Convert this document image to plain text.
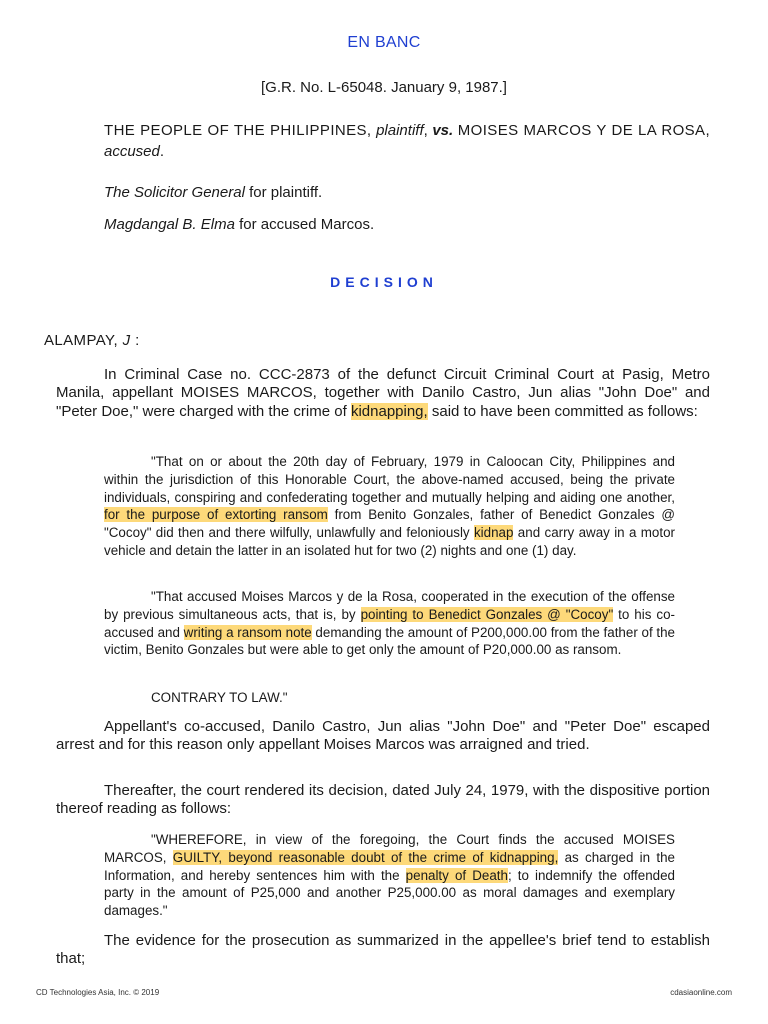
EN BANC
[G.R. No. L-65048. January 9, 1987.]
THE PEOPLE OF THE PHILIPPINES, plaintiff, vs. MOISES MARCOS Y DE LA ROSA, accused.
The Solicitor General for plaintiff.
Magdangal B. Elma for accused Marcos.
DECISION
ALAMPAY, J :

In Criminal Case no. CCC-2873 of the defunct Circuit Criminal Court at Pasig, Metro Manila, appellant MOISES MARCOS, together with Danilo Castro, Jun alias "John Doe" and "Peter Doe," were charged with the crime of kidnapping, said to have been committed as follows:

"That on or about the 20th day of February, 1979 in Caloocan City, Philippines and within the jurisdiction of this Honorable Court, the above-named accused, being the private individuals, conspiring and confederating together and mutually helping and aiding one another, for the purpose of extorting ransom from Benito Gonzales, father of Benedict Gonzales @ "Cocoy" did then and there wilfully, unlawfully and feloniously kidnap and carry away in a motor vehicle and detain the latter in an isolated hut for two (2) nights and one (1) day.

"That accused Moises Marcos y de la Rosa, cooperated in the execution of the offense by previous simultaneous acts, that is, by pointing to Benedict Gonzales @ "Cocoy" to his co-accused and writing a ransom note demanding the amount of P200,000.00 from the father of the victim, Benito Gonzales but were able to get only the amount of P20,000.00 as ransom.

CONTRARY TO LAW."

Appellant's co-accused, Danilo Castro, Jun alias "John Doe" and "Peter Doe" escaped arrest and for this reason only appellant Moises Marcos was arraigned and tried.

Thereafter, the court rendered its decision, dated July 24, 1979, with the dispositive portion thereof reading as follows:

"WHEREFORE, in view of the foregoing, the Court finds the accused MOISES MARCOS, GUILTY, beyond reasonable doubt of the crime of kidnapping, as charged in the Information, and hereby sentences him with the penalty of Death; to indemnify the offended party in the amount of P25,000 and another P25,000.00 as moral damages and exemplary damages."

The evidence for the prosecution as summarized in the appellee's brief tend to establish that;

CD Technologies Asia, Inc. © 2019	cdasiaonline.com
